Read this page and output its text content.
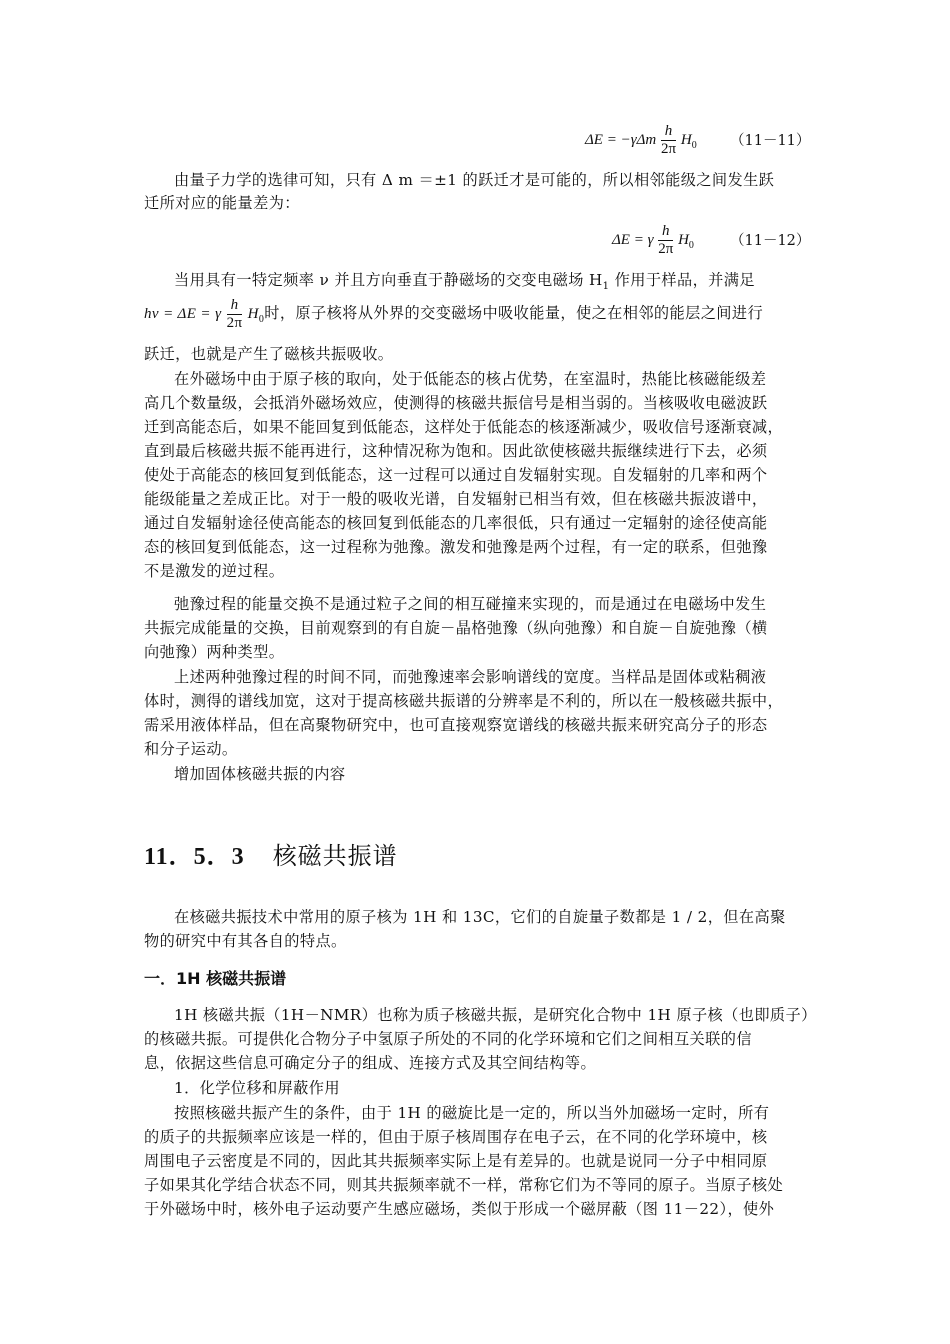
$\Delta E = -\gamma\Delta m \frac{h}{2\pi} H_0$ （11－11）
由量子力学的选律可知，只有 Δ m ＝±1 的跃迁才是可能的，所以相邻能级之间发生跃
迁所对应的能量差为：
ΔE = γ $\frac{h}{2\pi} H_0$ （11－12）
当用具有一特定频率 ν 并且方向垂直于静磁场的交变电磁场 $H_1$ 作用于样品，并满足
hν = ΔE = γ $\frac{h}{2\pi} H_0$时，原子核将从外界的交变磁场中吸收能量，使之在相邻的能层之间进行
跃迁，也就是产生了磁核共振吸收。
在外磁场中由于原子核的取向，处于低能态的核占优势，在室温时，热能比核磁能级差
高几个数量级，会抵消外磁场效应，使测得的核磁共振信号是相当弱的。当核吸收电磁波跃
迁到高能态后，如果不能回复到低能态，这样处于低能态的核逐渐减少，吸收信号逐渐衰减，
直到最后核磁共振不能再进行，这种情况称为饱和。因此欲使核磁共振继续进行下去，必须
使处于高能态的核回复到低能态，这一过程可以通过自发辐射实现。自发辐射的几率和两个
能级能量之差成正比。对于一般的吸收光谱，自发辐射已相当有效，但在核磁共振波谱中，
通过自发辐射途径使高能态的核回复到低能态的几率很低，只有通过一定辐射的途径使高能
态的核回复到低能态，这一过程称为弛豫。激发和弛豫是两个过程，有一定的联系，但弛豫
不是激发的逆过程。
弛豫过程的能量交换不是通过粒子之间的相互碰撞来实现的，而是通过在电磁场中发生
共振完成能量的交换，目前观察到的有自旋－晶格弛豫（纵向弛豫）和自旋－自旋弛豫（横
向弛豫）两种类型。
上述两种弛豫过程的时间不同，而弛豫速率会影响谱线的宽度。当样品是固体或粘稠液
体时，测得的谱线加宽，这对于提高核磁共振谱的分辨率是不利的，所以在一般核磁共振中，
需采用液体样品，但在高聚物研究中，也可直接观察宽谱线的核磁共振来研究高分子的形态
和分子运动。
增加固体核磁共振的内容
11．5．3 核磁共振谱
在核磁共振技术中常用的原子核为 1H 和 13C，它们的自旋量子数都是 1 / 2，但在高聚
物的研究中有其各自的特点。
一．1H 核磁共振谱
1H 核磁共振（1H－NMR）也称为质子核磁共振，是研究化合物中 1H 原子核（也即质子）
的核磁共振。可提供化合物分子中氢原子所处的不同的化学环境和它们之间相互关联的信
息，依据这些信息可确定分子的组成、连接方式及其空间结构等。
1．化学位移和屏蔽作用
按照核磁共振产生的条件，由于 1H 的磁旋比是一定的，所以当外加磁场一定时，所有
的质子的共振频率应该是一样的，但由于原子核周围存在电子云，在不同的化学环境中，核
周围电子云密度是不同的，因此其共振频率实际上是有差异的。也就是说同一分子中相同原
子如果其化学结合状态不同，则其共振频率就不一样，常称它们为不等同的原子。当原子核处
于外磁场中时，核外电子运动要产生感应磁场，类似于形成一个磁屏蔽（图 11－22），使外
